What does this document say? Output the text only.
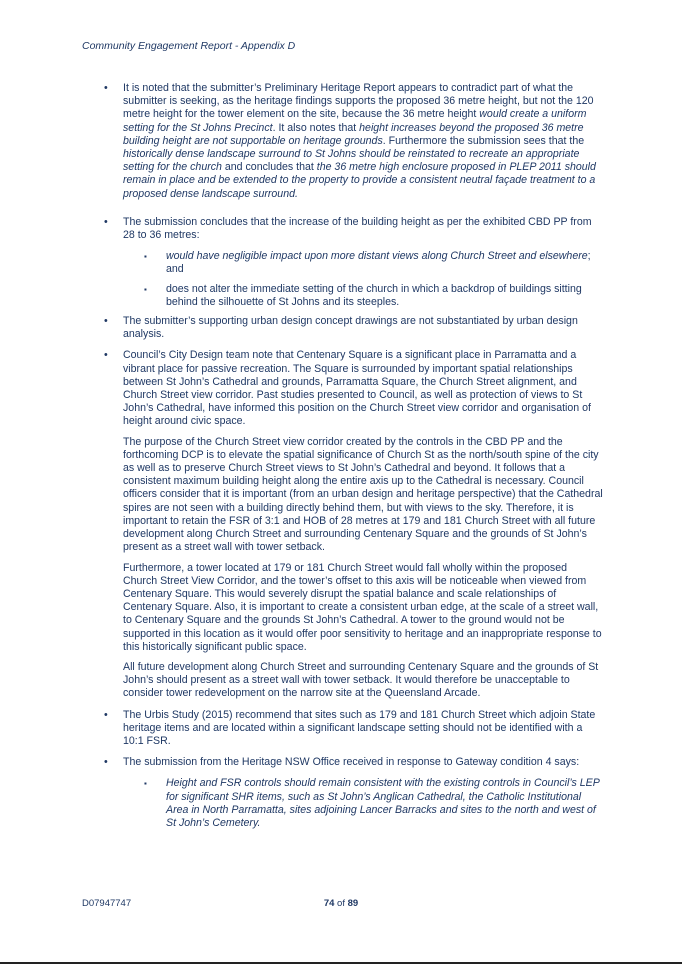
Community Engagement Report - Appendix D
• It is noted that the submitter’s Preliminary Heritage Report appears to contradict part of what the submitter is seeking, as the heritage findings supports the proposed 36 metre height, but not the 120 metre height for the tower element on the site, because the 36 metre height would create a uniform setting for the St Johns Precinct. It also notes that height increases beyond the proposed 36 metre building height are not supportable on heritage grounds. Furthermore the submission sees that the historically dense landscape surround to St Johns should be reinstated to recreate an appropriate setting for the church and concludes that the 36 metre high enclosure proposed in PLEP 2011 should remain in place and be extended to the property to provide a consistent neutral façade treatment to a proposed dense landscape surround.
• The submission concludes that the increase of the building height as per the exhibited CBD PP from 28 to 36 metres:
▪ would have negligible impact upon more distant views along Church Street and elsewhere; and
▪ does not alter the immediate setting of the church in which a backdrop of buildings sitting behind the silhouette of St Johns and its steeples.
• The submitter’s supporting urban design concept drawings are not substantiated by urban design analysis.
• Council’s City Design team note that Centenary Square is a significant place in Parramatta and a vibrant place for passive recreation. The Square is surrounded by important spatial relationships between St John’s Cathedral and grounds, Parramatta Square, the Church Street alignment, and Church Street view corridor. Past studies presented to Council, as well as protection of views to St John’s Cathedral, have informed this position on the Church Street view corridor and organisation of height around civic space.

The purpose of the Church Street view corridor created by the controls in the CBD PP and the forthcoming DCP is to elevate the spatial significance of Church St as the north/south spine of the city as well as to preserve Church Street views to St John’s Cathedral and beyond. It follows that a consistent maximum building height along the entire axis up to the Cathedral is necessary. Council officers consider that it is important (from an urban design and heritage perspective) that the Cathedral spires are not seen with a building directly behind them, but with views to the sky. Therefore, it is important to retain the FSR of 3:1 and HOB of 28 metres at 179 and 181 Church Street with all future development along Church Street and surrounding Centenary Square and the grounds of St John’s present as a street wall with tower setback.

Furthermore, a tower located at 179 or 181 Church Street would fall wholly within the proposed Church Street View Corridor, and the tower’s offset to this axis will be noticeable when viewed from Centenary Square. This would severely disrupt the spatial balance and scale relationships of Centenary Square. Also, it is important to create a consistent urban edge, at the scale of a street wall, to Centenary Square and the grounds St John’s Cathedral. A tower to the ground would not be supported in this location as it would offer poor sensitivity to heritage and an inappropriate response to this historically significant public space.

All future development along Church Street and surrounding Centenary Square and the grounds of St John’s should present as a street wall with tower setback. It would therefore be unacceptable to consider tower redevelopment on the narrow site at the Queensland Arcade.

• The Urbis Study (2015) recommend that sites such as 179 and 181 Church Street which adjoin State heritage items and are located within a significant landscape setting should not be identified with a 10:1 FSR.
• The submission from the Heritage NSW Office received in response to Gateway condition 4 says:
▪ Height and FSR controls should remain consistent with the existing controls in Council’s LEP for significant SHR items, such as St John’s Anglican Cathedral, the Catholic Institutional Area in North Parramatta, sites adjoining Lancer Barracks and sites to the north and west of St John’s Cemetery.
D07947747	74 of 89
